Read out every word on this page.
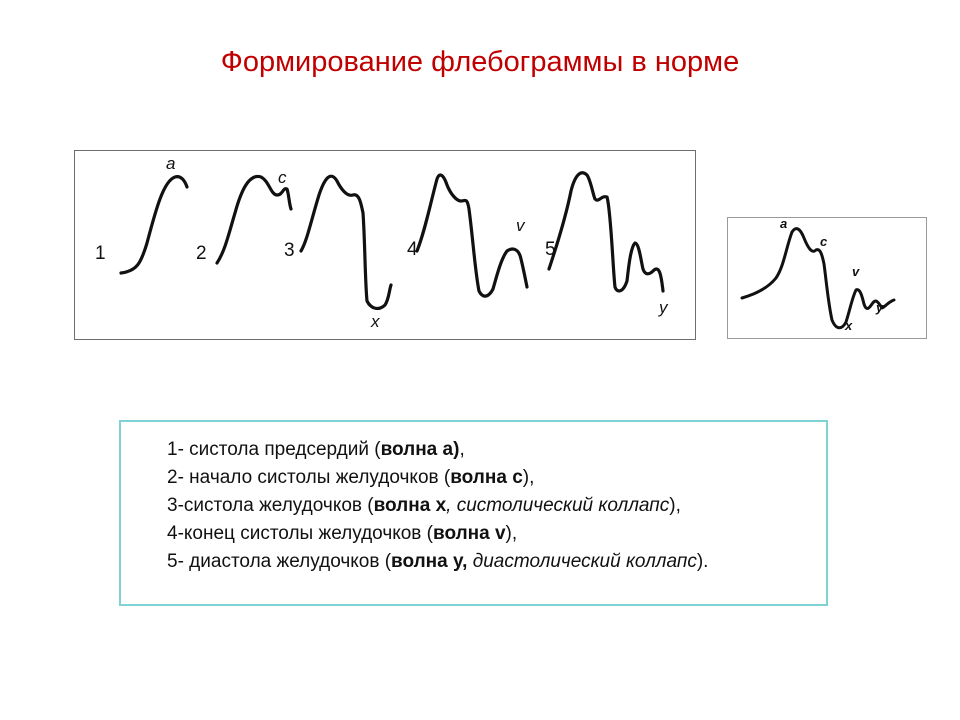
Формирование флебограммы в норме
1	2	3	4	5
a
c
x
v
y
a
c
v
x
y
1- систола предсердий (волна а),
2- начало систолы желудочков (волна с),
3-систола желудочков (волна х, систолический коллапс),
4-конец систолы желудочков (волна v),
5- диастола желудочков (волна у, диастолический коллапс).
